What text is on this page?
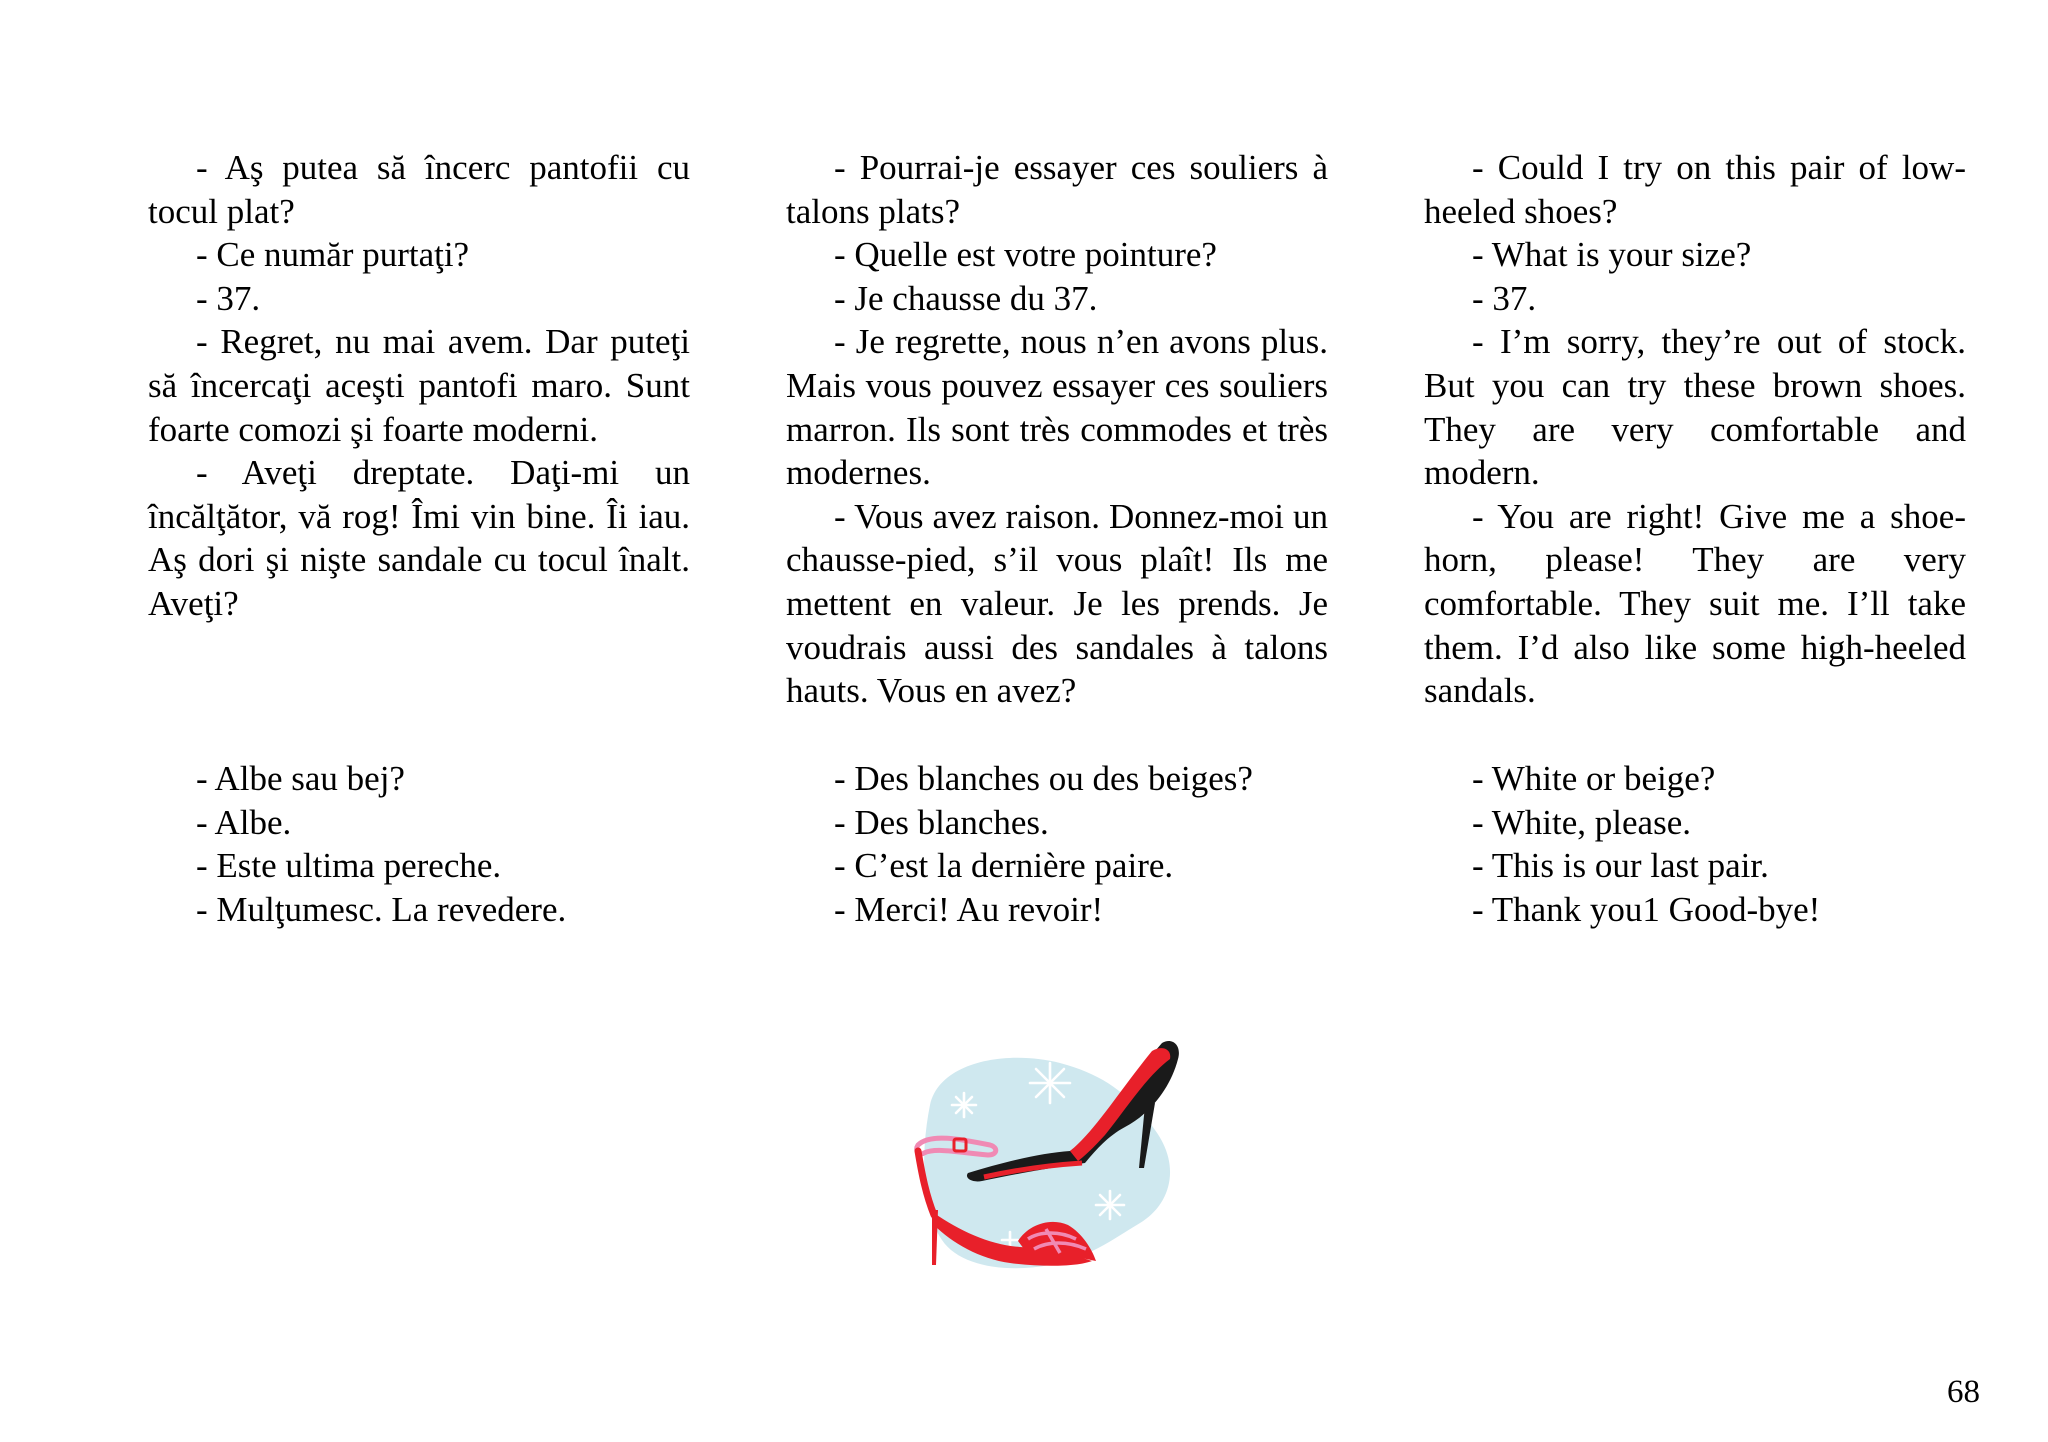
- Aş putea să încerc pantofii cu tocul plat?

- Ce număr purtaţi?

- 37.

- Regret, nu mai avem. Dar puteţi să încercaţi aceşti pantofi maro. Sunt foarte comozi şi foarte moderni.

- Aveţi dreptate. Daţi-mi un încălţător, vă rog! Îmi vin bine. Îi iau. Aş dori şi nişte sandale cu tocul înalt. Aveţi?

- Albe sau bej?

- Albe.

- Este ultima pereche.

- Mulţumesc. La revedere.

- Pourrai-je essayer ces souliers à talons plats?

- Quelle est votre pointure?

- Je chausse du 37.

- Je regrette, nous n’en avons plus. Mais vous pouvez essayer ces souliers marron. Ils sont très commodes et très modernes.

- Vous avez raison. Donnez-moi un chausse-pied, s’il vous plaît! Ils me mettent en valeur. Je les prends. Je voudrais aussi des sandales à talons hauts. Vous en avez?

- Des blanches ou des beiges?

- Des blanches.

- C’est la dernière paire.

- Merci! Au revoir!

- Could I try on this pair of low-heeled shoes?

- What is your size?

- 37.

- I’m sorry, they’re out of stock. But you can try these brown shoes. They are very comfortable and modern.

- You are right! Give me a shoe-horn, please! They are very comfortable. They suit me. I’ll take them. I’d also like some high-heeled sandals.

- White or beige?

- White, please.

- This is our last pair.

- Thank you1 Good-bye!

68
